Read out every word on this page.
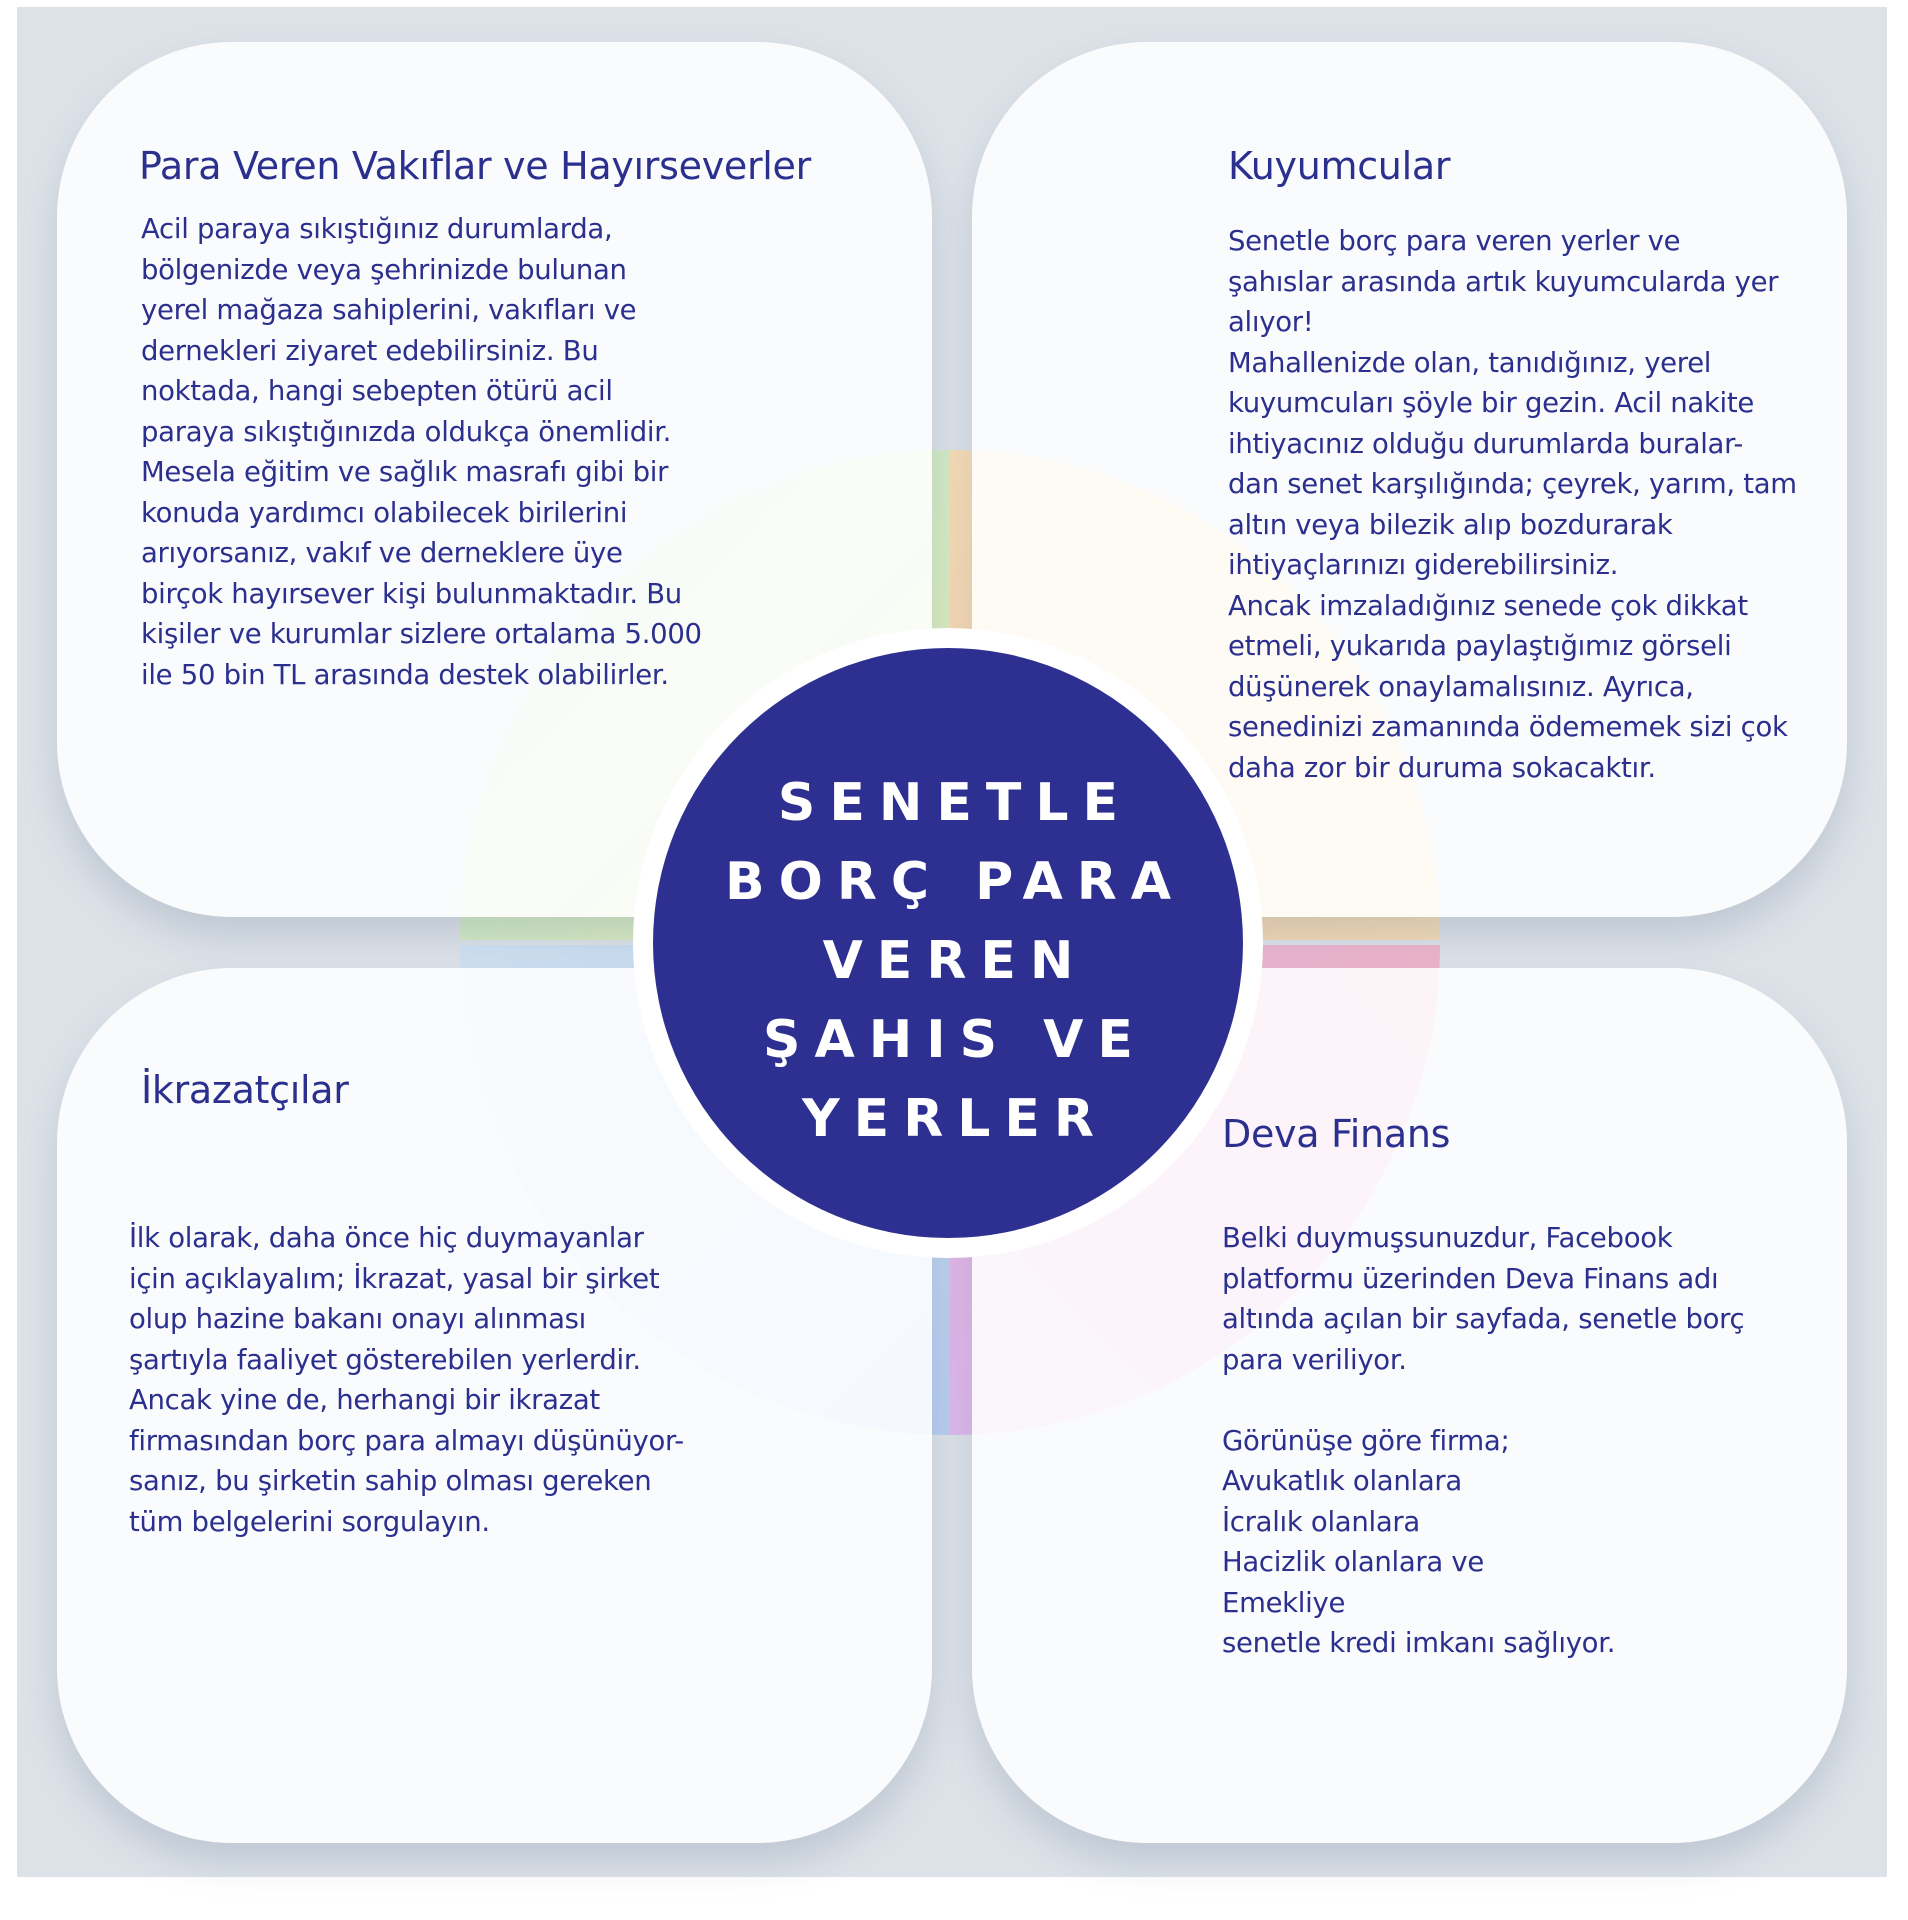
Para Veren Vakıflar ve Hayırseverler
Acil paraya sıkıştığınız durumlarda,
bölgenizde veya şehrinizde bulunan
yerel mağaza sahiplerini, vakıfları ve
dernekleri ziyaret edebilirsiniz. Bu
noktada, hangi sebepten ötürü acil
paraya sıkıştığınızda oldukça önemlidir.
Mesela eğitim ve sağlık masrafı gibi bir
konuda yardımcı olabilecek birilerini
arıyorsanız, vakıf ve derneklere üye
birçok hayırsever kişi bulunmaktadır. Bu
kişiler ve kurumlar sizlere ortalama 5.000
ile 50 bin TL arasında destek olabilirler.
Kuyumcular
Senetle borç para veren yerler ve
şahıslar arasında artık kuyumcularda yer
alıyor!
Mahallenizde olan, tanıdığınız, yerel
kuyumcuları şöyle bir gezin. Acil nakite
ihtiyacınız olduğu durumlarda buralar-
dan senet karşılığında; çeyrek, yarım, tam
altın veya bilezik alıp bozdurarak
ihtiyaçlarınızı giderebilirsiniz.
Ancak imzaladığınız senede çok dikkat
etmeli, yukarıda paylaştığımız görseli
düşünerek onaylamalısınız. Ayrıca,
senedinizi zamanında ödememek sizi çok
daha zor bir duruma sokacaktır.
İkrazatçılar
İlk olarak, daha önce hiç duymayanlar
için açıklayalım; İkrazat, yasal bir şirket
olup hazine bakanı onayı alınması
şartıyla faaliyet gösterebilen yerlerdir.
Ancak yine de, herhangi bir ikrazat
firmasından borç para almayı düşünüyor-
sanız, bu şirketin sahip olması gereken
tüm belgelerini sorgulayın.
Deva Finans
Belki duymuşsunuzdur, Facebook
platformu üzerinden Deva Finans adı
altında açılan bir sayfada, senetle borç
para veriliyor.
Görünüşe göre firma;
Avukatlık olanlara
İcralık olanlara
Hacizlik olanlara ve
Emekliye
senetle kredi imkanı sağlıyor.
SENETLE
BORÇ PARA
VEREN
ŞAHIS VE
YERLER
